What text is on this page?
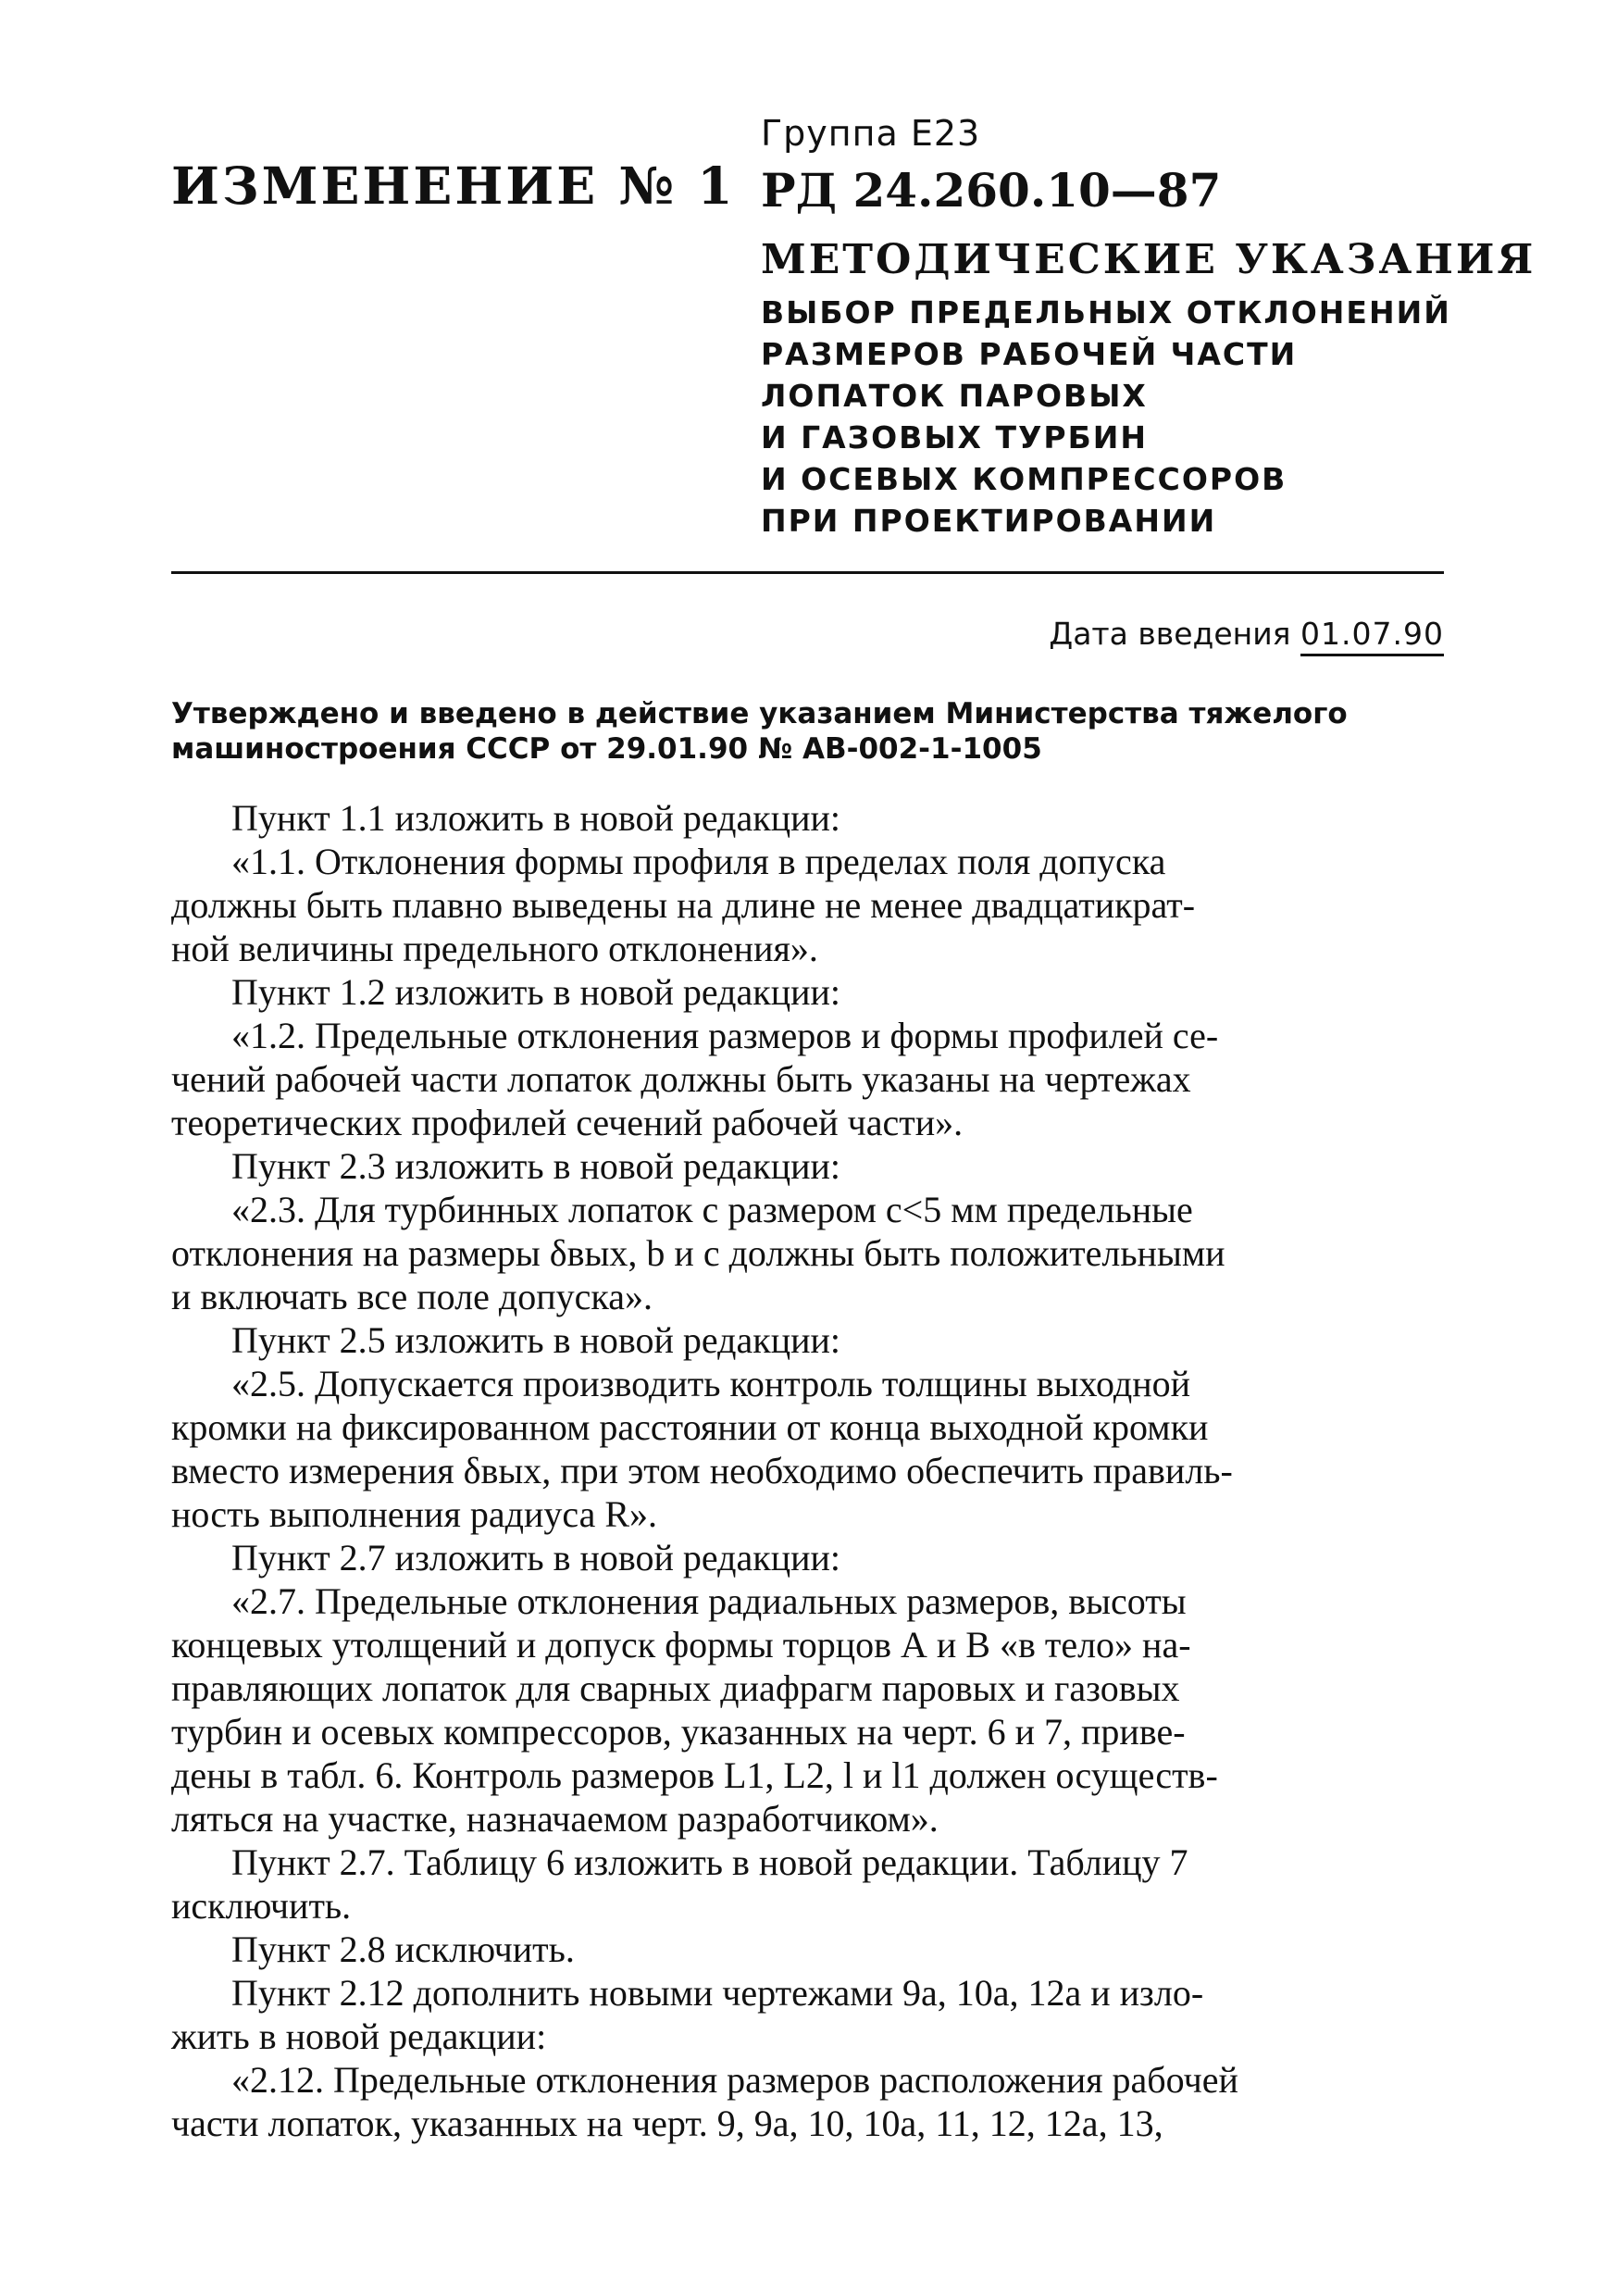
ИЗМЕНЕНИЕ № 1
Группа Е23
РД 24.260.10—87
МЕТОДИЧЕСКИЕ УКАЗАНИЯ
ВЫБОР ПРЕДЕЛЬНЫХ ОТКЛОНЕНИЙ
РАЗМЕРОВ РАБОЧЕЙ ЧАСТИ
ЛОПАТОК ПАРОВЫХ
И ГАЗОВЫХ ТУРБИН
И ОСЕВЫХ КОМПРЕССОРОВ
ПРИ ПРОЕКТИРОВАНИИ
Дата введения 01.07.90
Утверждено и введено в действие указанием Министерства тяжелого
машиностроения СССР от 29.01.90 № АВ-002-1-1005
Пункт 1.1 изложить в новой редакции:
«1.1. Отклонения формы профиля в пределах поля допуска
должны быть плавно выведены на длине не менее двадцатикрат-
ной величины предельного отклонения».
Пункт 1.2 изложить в новой редакции:
«1.2. Предельные отклонения размеров и формы профилей се-
чений рабочей части лопаток должны быть указаны на чертежах
теоретических профилей сечений рабочей части».
Пункт 2.3 изложить в новой редакции:
«2.3. Для турбинных лопаток с размером с<5 мм предельные
отклонения на размеры δвых, b и с должны быть положительными
и включать все поле допуска».
Пункт 2.5 изложить в новой редакции:
«2.5. Допускается производить контроль толщины выходной
кромки на фиксированном расстоянии от конца выходной кромки
вместо измерения δвых, при этом необходимо обеспечить правиль-
ность выполнения радиуса R».
Пункт 2.7 изложить в новой редакции:
«2.7. Предельные отклонения радиальных размеров, высоты
концевых утолщений и допуск формы торцов А и В «в тело» на-
правляющих лопаток для сварных диафрагм паровых и газовых
турбин и осевых компрессоров, указанных на черт. 6 и 7, приве-
дены в табл. 6. Контроль размеров L1, L2, l и l1 должен осуществ-
ляться на участке, назначаемом разработчиком».
Пункт 2.7. Таблицу 6 изложить в новой редакции. Таблицу 7
исключить.
Пункт 2.8 исключить.
Пункт 2.12 дополнить новыми чертежами 9а, 10а, 12а и изло-
жить в новой редакции:
«2.12. Предельные отклонения размеров расположения рабочей
части лопаток, указанных на черт. 9, 9а, 10, 10а, 11, 12, 12а, 13,
